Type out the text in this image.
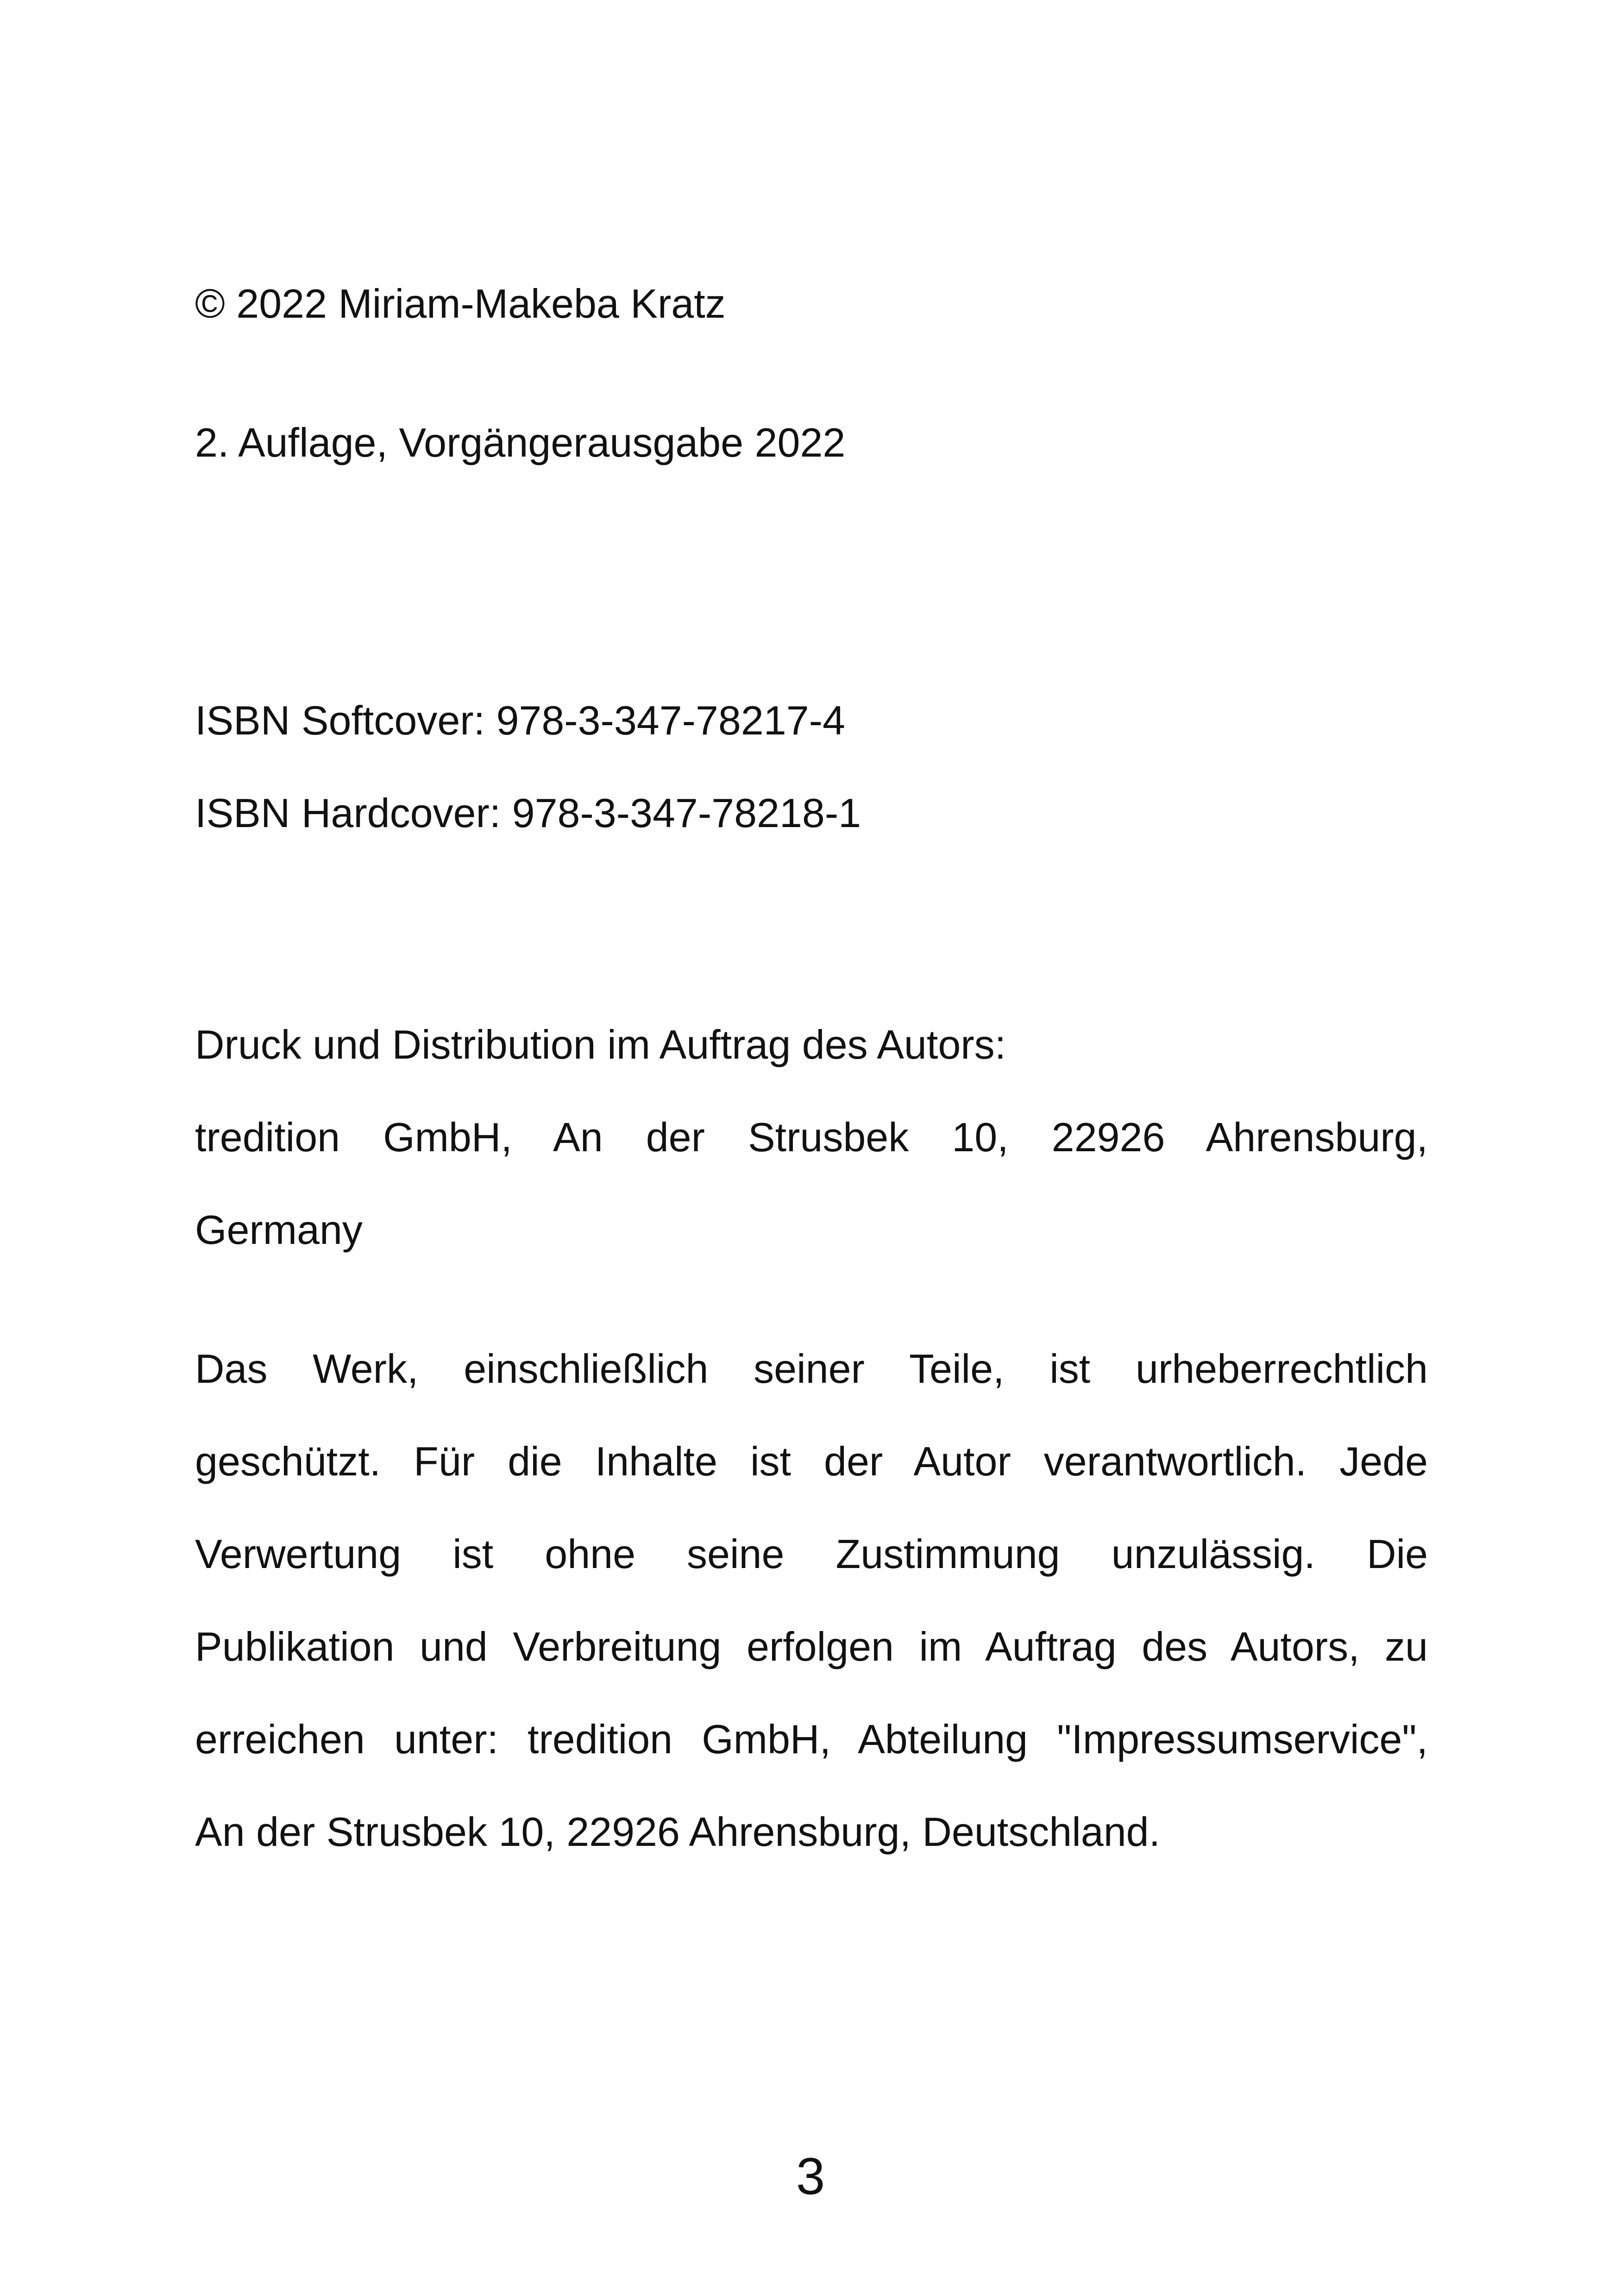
© 2022 Miriam-Makeba Kratz
2. Auflage, Vorgängerausgabe 2022
ISBN Softcover: 978-3-347-78217-4
ISBN Hardcover: 978-3-347-78218-1
Druck und Distribution im Auftrag des Autors:
tredition GmbH, An der Strusbek 10, 22926 Ahrensburg,
Germany
Das Werk, einschließlich seiner Teile, ist urheberrechtlich
geschützt. Für die Inhalte ist der Autor verantwortlich. Jede
Verwertung ist ohne seine Zustimmung unzulässig. Die
Publikation und Verbreitung erfolgen im Auftrag des Autors, zu
erreichen unter: tredition GmbH, Abteilung "Impressumservice",
An der Strusbek 10, 22926 Ahrensburg, Deutschland.
3
